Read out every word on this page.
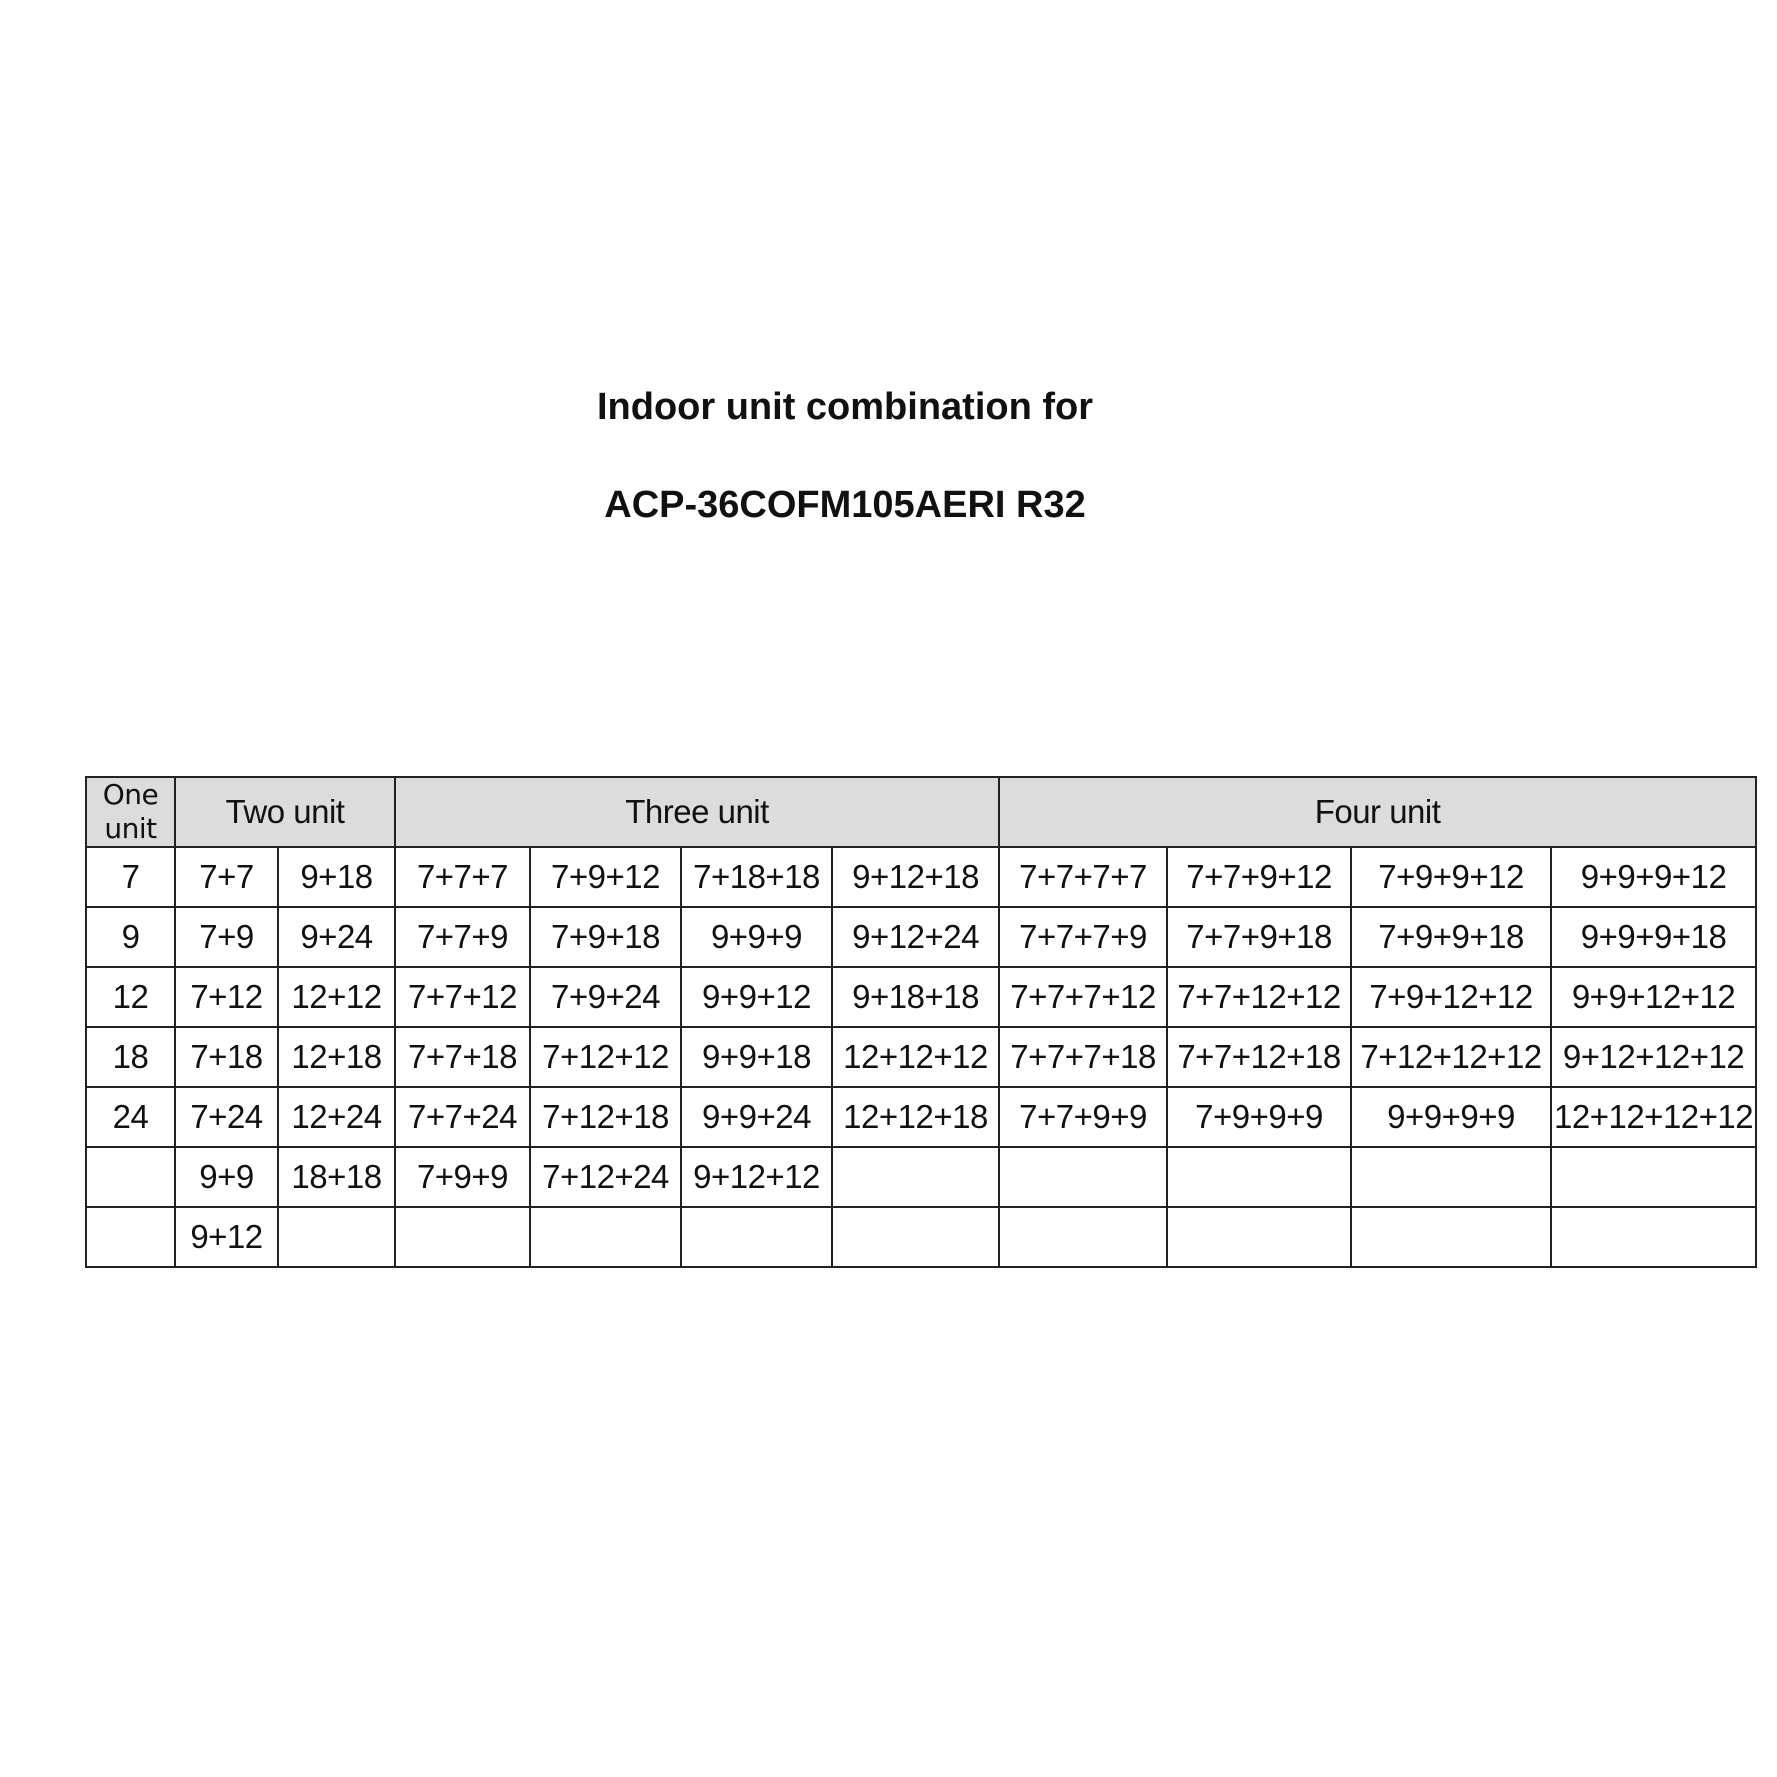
Indoor unit combination for
ACP-36COFM105AERI R32
One unit	Two unit		Three unit				Four unit			
7	7+7	9+18	7+7+7	7+9+12	7+18+18	9+12+18	7+7+7+7	7+7+9+12	7+9+9+12	9+9+9+12
9	7+9	9+24	7+7+9	7+9+18	9+9+9	9+12+24	7+7+7+9	7+7+9+18	7+9+9+18	9+9+9+18
12	7+12	12+12	7+7+12	7+9+24	9+9+12	9+18+18	7+7+7+12	7+7+12+12	7+9+12+12	9+9+12+12
18	7+18	12+18	7+7+18	7+12+12	9+9+18	12+12+12	7+7+7+18	7+7+12+18	7+12+12+12	9+12+12+12
24	7+24	12+24	7+7+24	7+12+18	9+9+24	12+12+18	7+7+9+9	7+9+9+9	9+9+9+9	12+12+12+12
	9+9	18+18	7+9+9	7+12+24	9+12+12					
	9+12									
